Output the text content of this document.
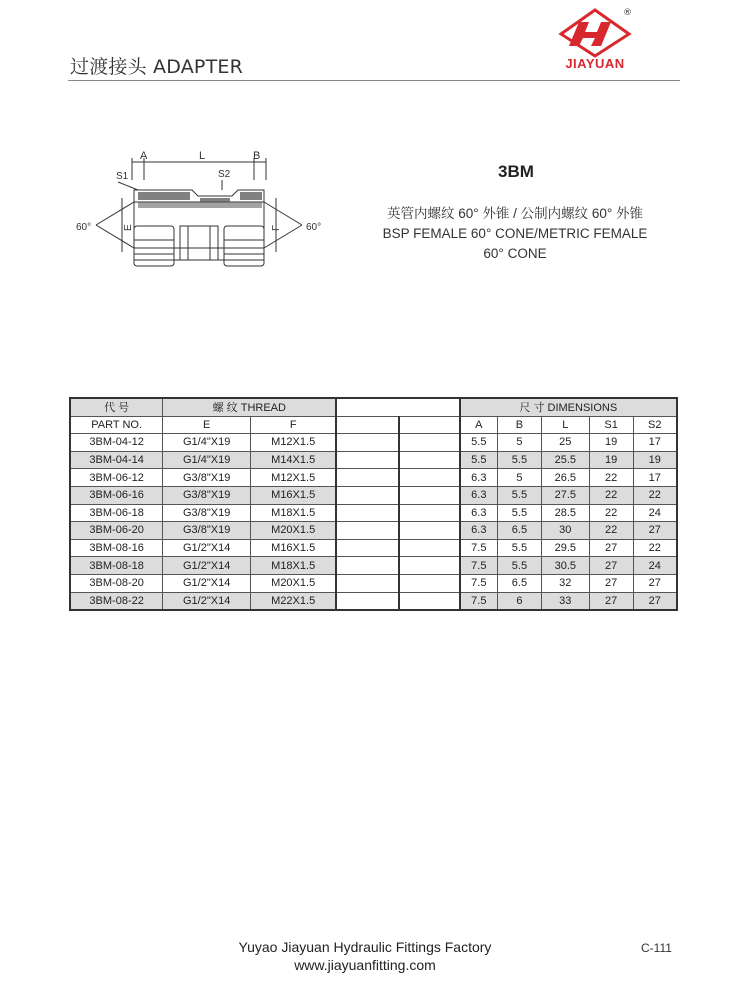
过渡接头 ADAPTER
®
JIAYUAN
A	L	B
S1	S2
60°	60°
E	F
3BM
英管内螺纹 60° 外锥 / 公制内螺纹 60° 外锥
BSP FEMALE 60° CONE/METRIC FEMALE
60° CONE
代 号	螺 纹 THREAD				尺 寸 DIMENSIONS				
PART NO.	E	F			A	B	L	S1	S2
3BM-04-12	G1/4"X19	M12X1.5			5.5	5	25	19	17
3BM-04-14	G1/4"X19	M14X1.5			5.5	5.5	25.5	19	19
3BM-06-12	G3/8"X19	M12X1.5			6.3	5	26.5	22	17
3BM-06-16	G3/8"X19	M16X1.5			6.3	5.5	27.5	22	22
3BM-06-18	G3/8"X19	M18X1.5			6.3	5.5	28.5	22	24
3BM-06-20	G3/8"X19	M20X1.5			6.3	6.5	30	22	27
3BM-08-16	G1/2"X14	M16X1.5			7.5	5.5	29.5	27	22
3BM-08-18	G1/2"X14	M18X1.5			7.5	5.5	30.5	27	24
3BM-08-20	G1/2"X14	M20X1.5			7.5	6.5	32	27	27
3BM-08-22	G1/2"X14	M22X1.5			7.5	6	33	27	27
Yuyao Jiayuan Hydraulic Fittings Factory
www.jiayuanfitting.com
C-111
